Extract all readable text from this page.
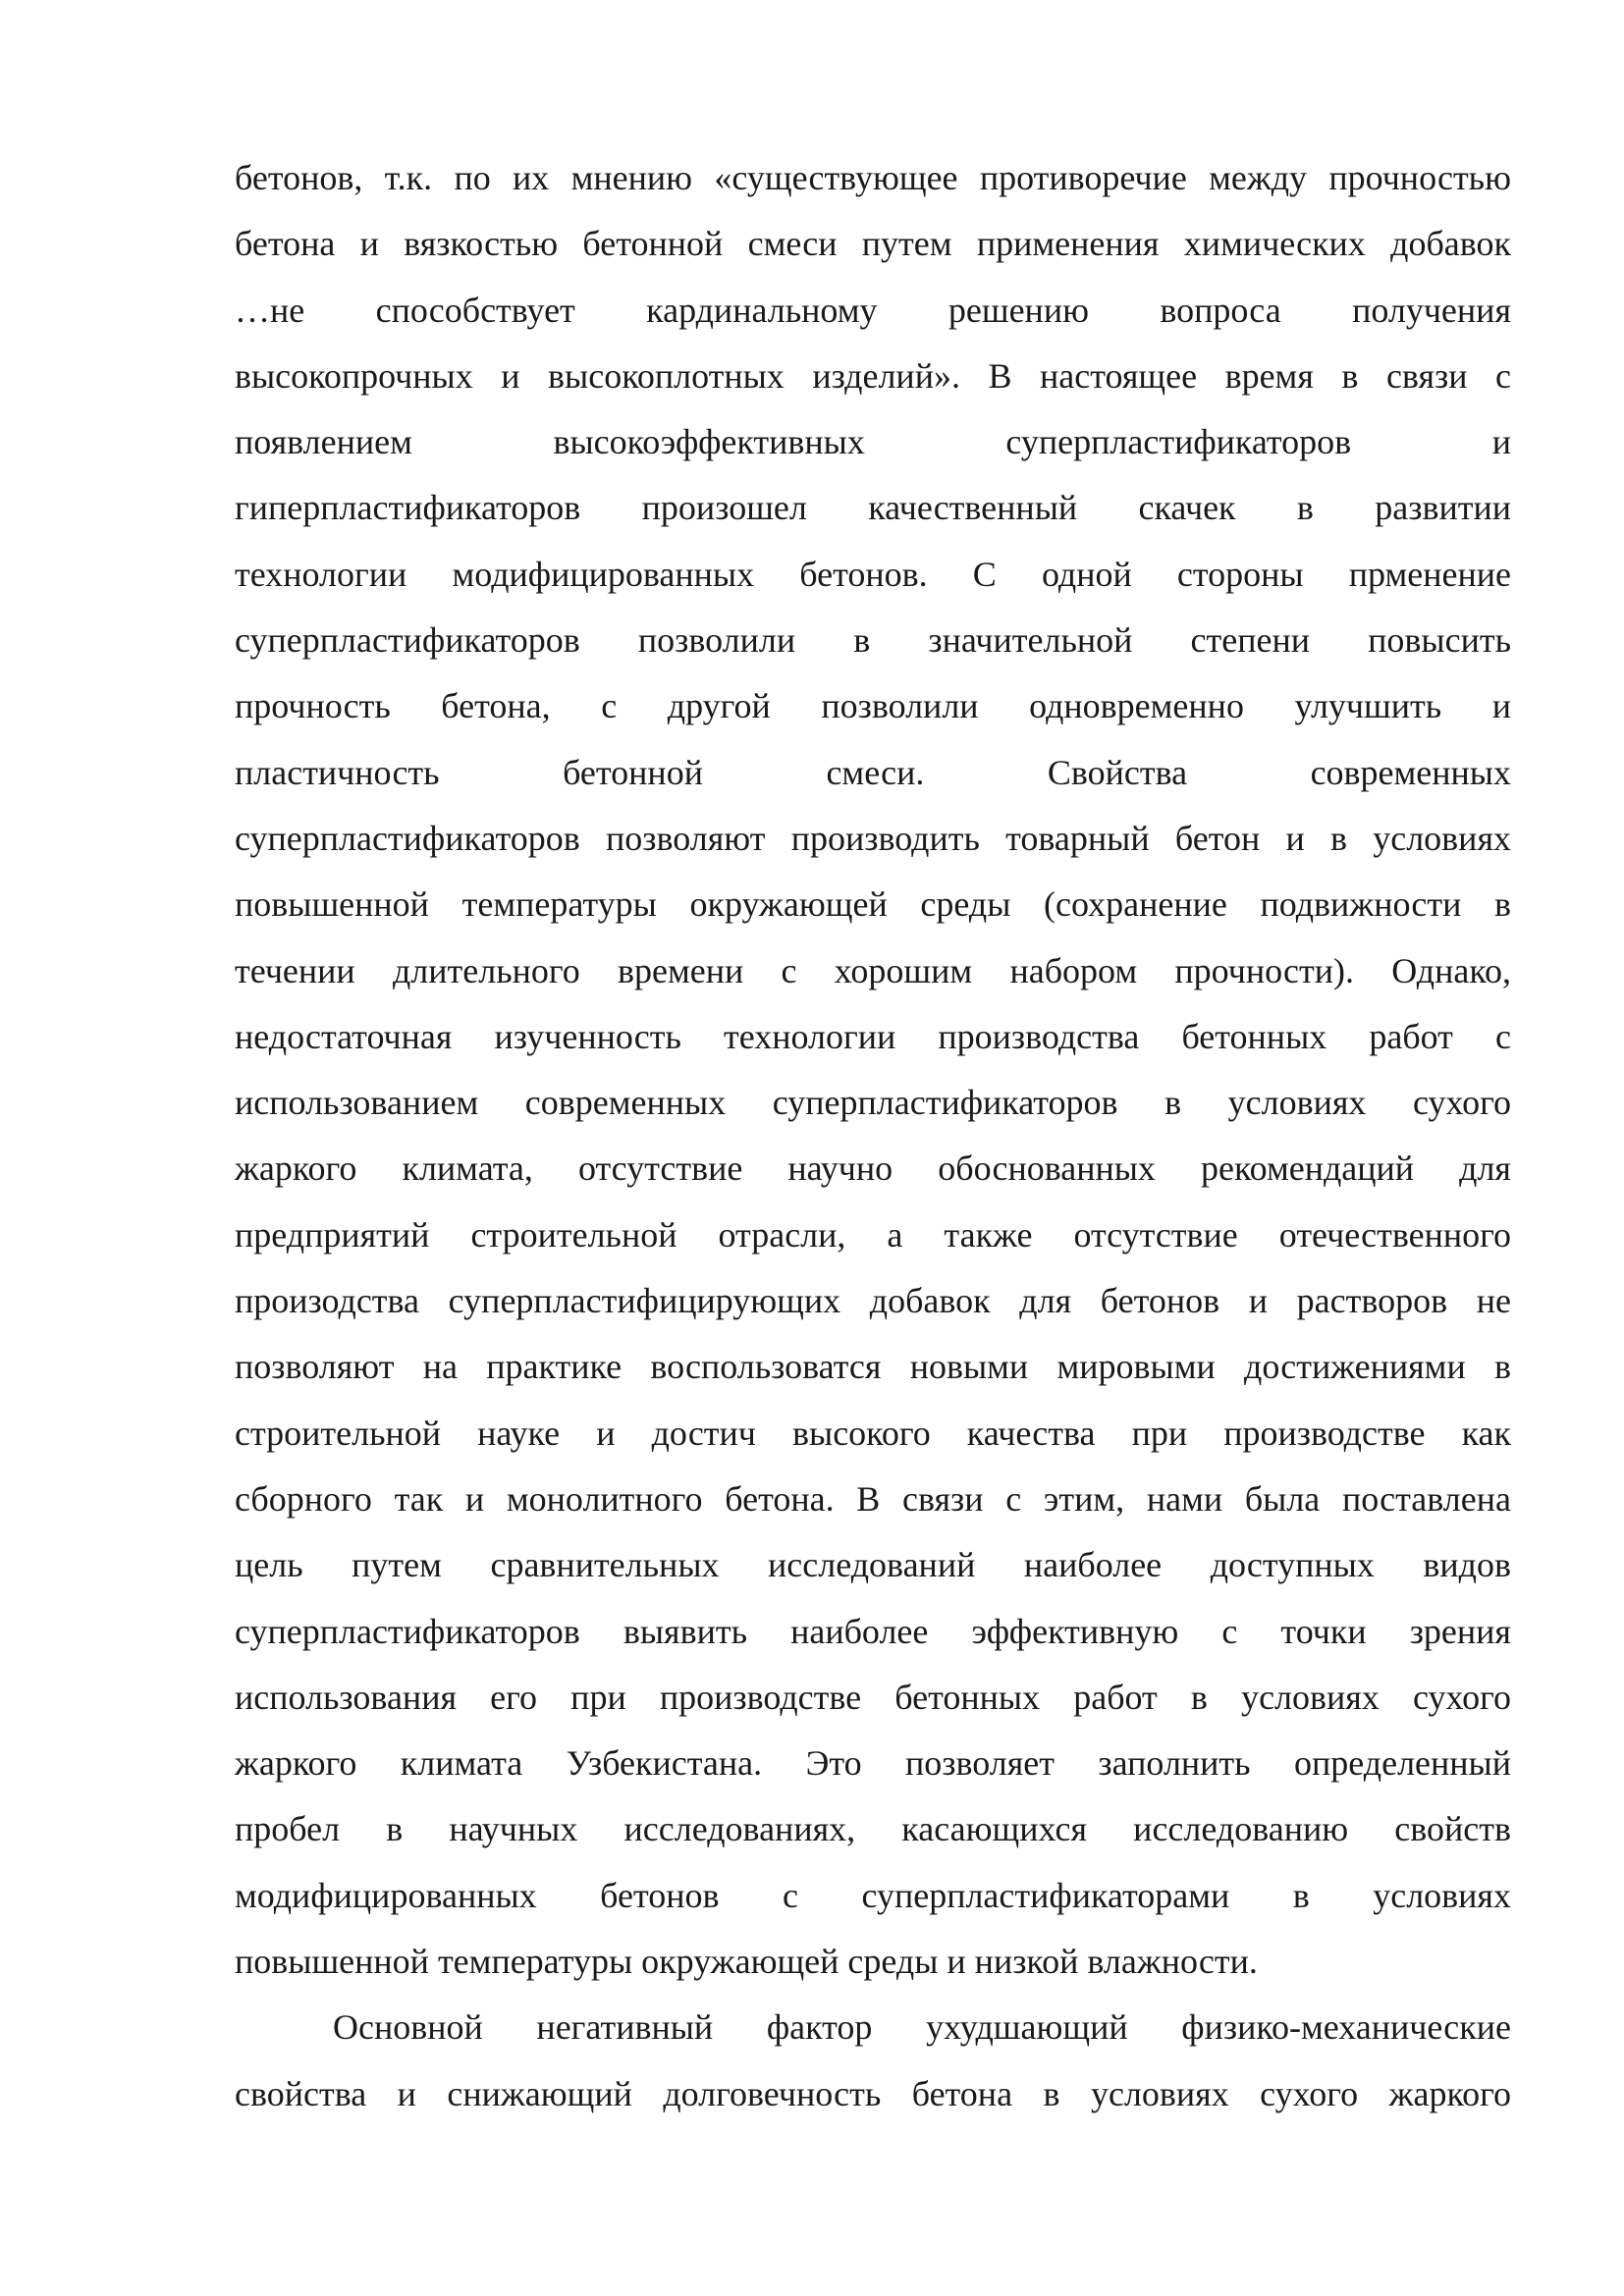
бетонов, т.к. по их мнению «существующее противоречие между прочностью
бетона и вязкостью бетонной смеси путем применения химических добавок
…не способствует кардинальному решению вопроса получения
высокопрочных и высокоплотных изделий». В настоящее время в связи с
появлением высокоэффективных суперпластификаторов и
гиперпластификаторов произошел качественный скачек в развитии
технологии модифицированных бетонов. С одной стороны прменение
суперпластификаторов позволили в значительной степени повысить
прочность бетона, с другой позволили одновременно улучшить и
пластичность бетонной смеси. Свойства современных
суперпластификаторов позволяют производить товарный бетон и в условиях
повышенной температуры окружающей среды (сохранение подвижности в
течении длительного времени с хорошим набором прочности). Однако,
недостаточная изученность технологии производства бетонных работ с
использованием современных суперпластификаторов в условиях сухого
жаркого климата, отсутствие научно обоснованных рекомендаций для
предприятий строительной отрасли, а также отсутствие отечественного
произодства суперпластифицирующих добавок для бетонов и растворов не
позволяют на практике воспользоватся новыми мировыми достижениями в
строительной науке и достич высокого качества при производстве как
сборного так и монолитного бетона. В связи с этим, нами была поставлена
цель путем сравнительных исследований наиболее доступных видов
суперпластификаторов выявить наиболее эффективную с точки зрения
использования его при производстве бетонных работ в условиях сухого
жаркого климата Узбекистана. Это позволяет заполнить определенный
пробел в научных исследованиях, касающихся исследованию свойств
модифицированных бетонов с суперпластификаторами в условиях
повышенной температуры окружающей среды и низкой влажности.
Основной негативный фактор ухудшающий физико-механические
свойства и снижающий долговечность бетона в условиях сухого жаркого
